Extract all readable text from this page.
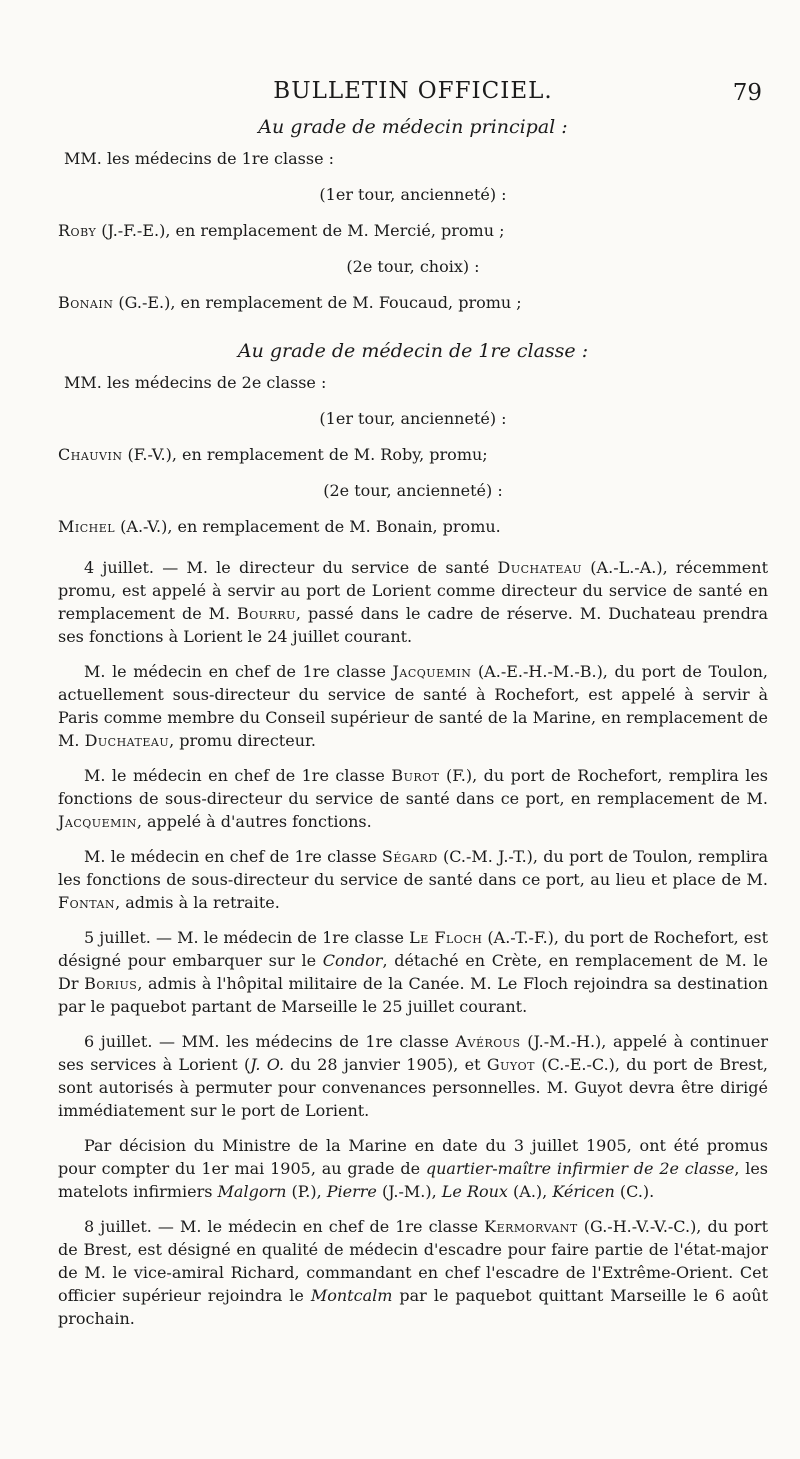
BULLETIN OFFICIEL.	79
Au grade de médecin principal :
MM. les médecins de 1re classe :
(1er tour, ancienneté) :
Roby (J.-F.-E.), en remplacement de M. Mercié, promu ;
(2e tour, choix) :
Bonain (G.-E.), en remplacement de M. Foucaud, promu ;
Au grade de médecin de 1re classe :
MM. les médecins de 2e classe :
(1er tour, ancienneté) :
Chauvin (F.-V.), en remplacement de M. Roby, promu;
(2e tour, ancienneté) :
Michel (A.-V.), en remplacement de M. Bonain, promu.

4 juillet. — M. le directeur du service de santé Duchateau (A.-L.-A.), récemment promu, est appelé à servir au port de Lorient comme directeur du service de santé en remplacement de M. Bourru, passé dans le cadre de réserve. M. Duchateau prendra ses fonctions à Lorient le 24 juillet courant.

M. le médecin en chef de 1re classe Jacquemin (A.-E.-H.-M.-B.), du port de Toulon, actuellement sous-directeur du service de santé à Rochefort, est appelé à servir à Paris comme membre du Conseil supérieur de santé de la Marine, en remplacement de M. Duchateau, promu directeur.

M. le médecin en chef de 1re classe Burot (F.), du port de Rochefort, remplira les fonctions de sous-directeur du service de santé dans ce port, en remplacement de M. Jacquemin, appelé à d'autres fonctions.

M. le médecin en chef de 1re classe Ségard (C.-M. J.-T.), du port de Toulon, remplira les fonctions de sous-directeur du service de santé dans ce port, au lieu et place de M. Fontan, admis à la retraite.

5 juillet. — M. le médecin de 1re classe Le Floch (A.-T.-F.), du port de Rochefort, est désigné pour embarquer sur le Condor, détaché en Crète, en remplacement de M. le Dr Borius, admis à l'hôpital militaire de la Canée. M. Le Floch rejoindra sa destination par le paquebot partant de Marseille le 25 juillet courant.

6 juillet. — MM. les médecins de 1re classe Avérous (J.-M.-H.), appelé à continuer ses services à Lorient (J. O. du 28 janvier 1905), et Guyot (C.-E.-C.), du port de Brest, sont autorisés à permuter pour convenances personnelles. M. Guyot devra être dirigé immédiatement sur le port de Lorient.

Par décision du Ministre de la Marine en date du 3 juillet 1905, ont été promus pour compter du 1er mai 1905, au grade de quartier-maître infirmier de 2e classe, les matelots infirmiers Malgorn (P.), Pierre (J.-M.), Le Roux (A.), Kéricen (C.).

8 juillet. — M. le médecin en chef de 1re classe Kermorvant (G.-H.-V.-V.-C.), du port de Brest, est désigné en qualité de médecin d'escadre pour faire partie de l'état-major de M. le vice-amiral Richard, commandant en chef l'escadre de l'Extrême-Orient. Cet officier supérieur rejoindra le Montcalm par le paquebot quittant Marseille le 6 août prochain.
